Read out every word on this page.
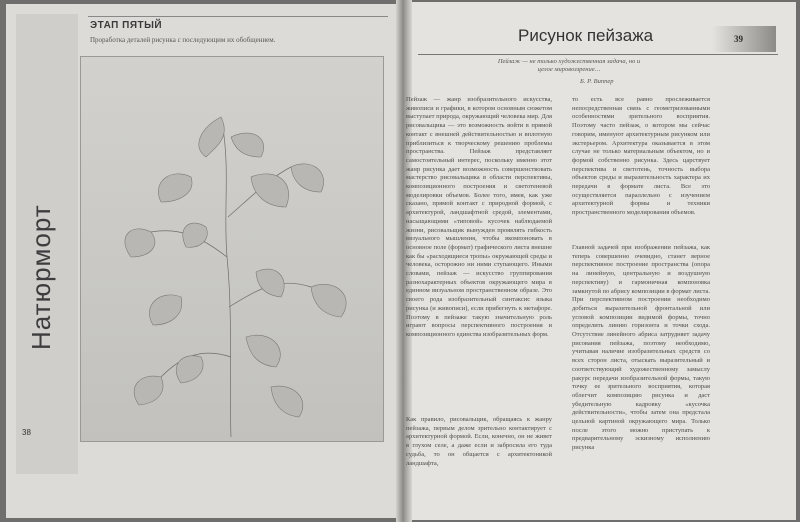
Натюрморт
ЭТАП ПЯТЫЙ
Проработка деталей рисунка с последующим их обобщением.
38
Рисунок пейзажа	39
Пейзаж — не только художественная задача, но и целое мировоззрение…
Б. Р. Виппер
Пейзаж — жанр изобразительного искусства, живописи и графики, в котором основным сюжетом выступает природа, окружающий человека мир. Для рисовальщика — это возможность войти в прямой контакт с внешней действительностью и вплотную приблизиться к творческому решению проблемы пространства. Пейзаж представляет самостоятельный интерес, поскольку именно этот жанр рисунка дает возможность совершенствовать мастерство рисовальщика в области перспективы, композиционного построения и светотеневой моделировки объемов. Более того, имея, как уже сказано, прямой контакт с природной формой, с архитектурой, ландшафтной средой, элементами, насыщающими «типовой» кусочек наблюдаемой жизни, рисовальщик вынужден проявлять гибкость визуального мышления, чтобы вкомпоновать в основное поле (формат) графического листа внешне как бы «расходящиеся тропы» окружающей среды и человека, осторожно ни ними ступающего. Иными словами, пейзаж — искусство группирования разнохарактерных объектов окружающего мира в единном визуальном пространственном образе. Это своего рода изобразительный синтаксис языка рисунка (и живописи), если прибегнуть к метафоре. Поэтому в пейзаже такую значительную роль играют вопросы перспективного построения и композиционного единства изобразительных форм.
Как правило, рисовальщик, обращаясь к жанру пейзажа, первым делом зрительно контактирует с архитектурной формой. Если, конечно, он не живет в глухом селе, а даже если и забросила его туда судьба, то он общается с архитектоникой ландшафта,
то есть все равно прослеживается непосредственная связь с геометризованными особенностями зрительного восприятия. Поэтому часто пейзаж, о котором мы сейчас говорим, именуют архитектурным рисунком или экстерьером. Архитектура оказывается в этом случае не только материальным объектом, но и формой собственно рисунка. Здесь царствует перспектива и светотень, точность выбора объектов среды и выразительность характера их передачи в формате листа. Все это осуществляется параллельно с изучением архитектурной формы и техники пространственного моделирования объемов.
Главной задачей при изображении пейзажа, как теперь совершенно очевидно, станет верное перспективное построение пространства (опора на линейную, центральную и воздушную перспективу) и гармоничная компоновка замкнутой по абрису композиции в формат листа. При перспективном построении необходимо добиться выразительной фронтальной или угловой композиции видимой формы, точно определить линию горизонта и точки схода. Отсутствие линейного абриса затрудняет задачу рисования пейзажа, поэтому необходимо, учитывая наличие изобразительных средств со всех сторон листа, отыскать выразительный и соответствующий художественному замыслу ракурс передачи изобразительной формы, такую точку ее зрительного восприятия, которая облегчит композицию рисунка и даст убедительную кадровку «кусочка действительности», чтобы затем она предстала цельной картиной окружающего мира. Только после этого можно приступать к предварительному эскизному исполнению рисунка
